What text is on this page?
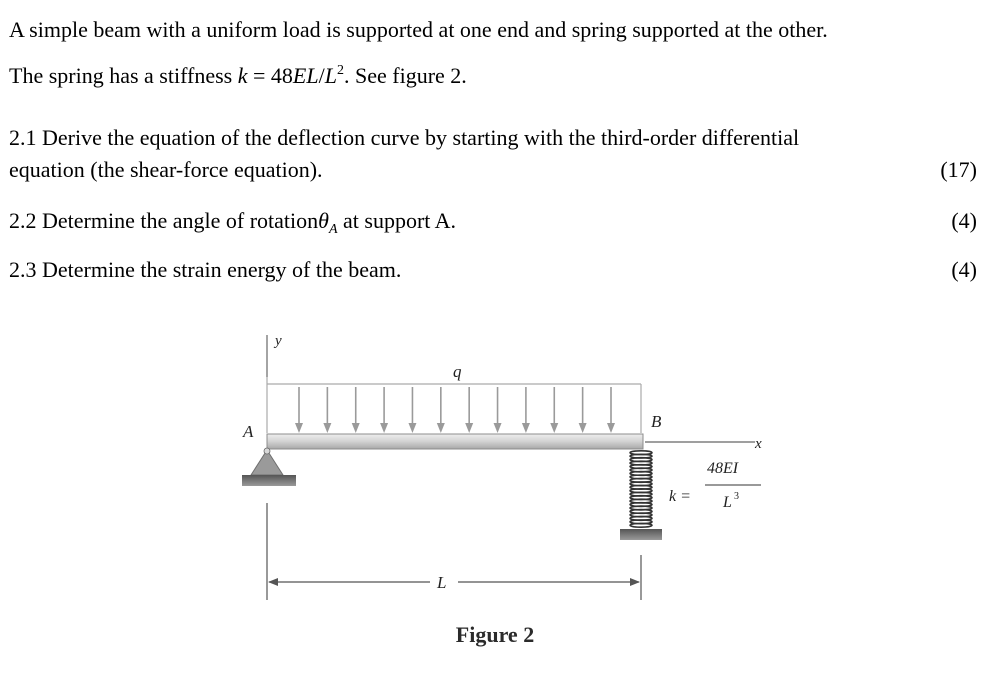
A simple beam with a uniform load is supported at one end and spring supported at the other.
The spring has a stiffness $k = 48EL/L^2$. See figure 2.
2.1 Derive the equation of the deflection curve by starting with the third-order differential
equation (the shear-force equation).	(17)
2.2 Determine the angle of rotationθ$_A$ at support A.	(4)
2.3 Determine the strain energy of the beam.	(4)
y
q
A
B
x
k =
48EI
L 3
L
Figure 2
